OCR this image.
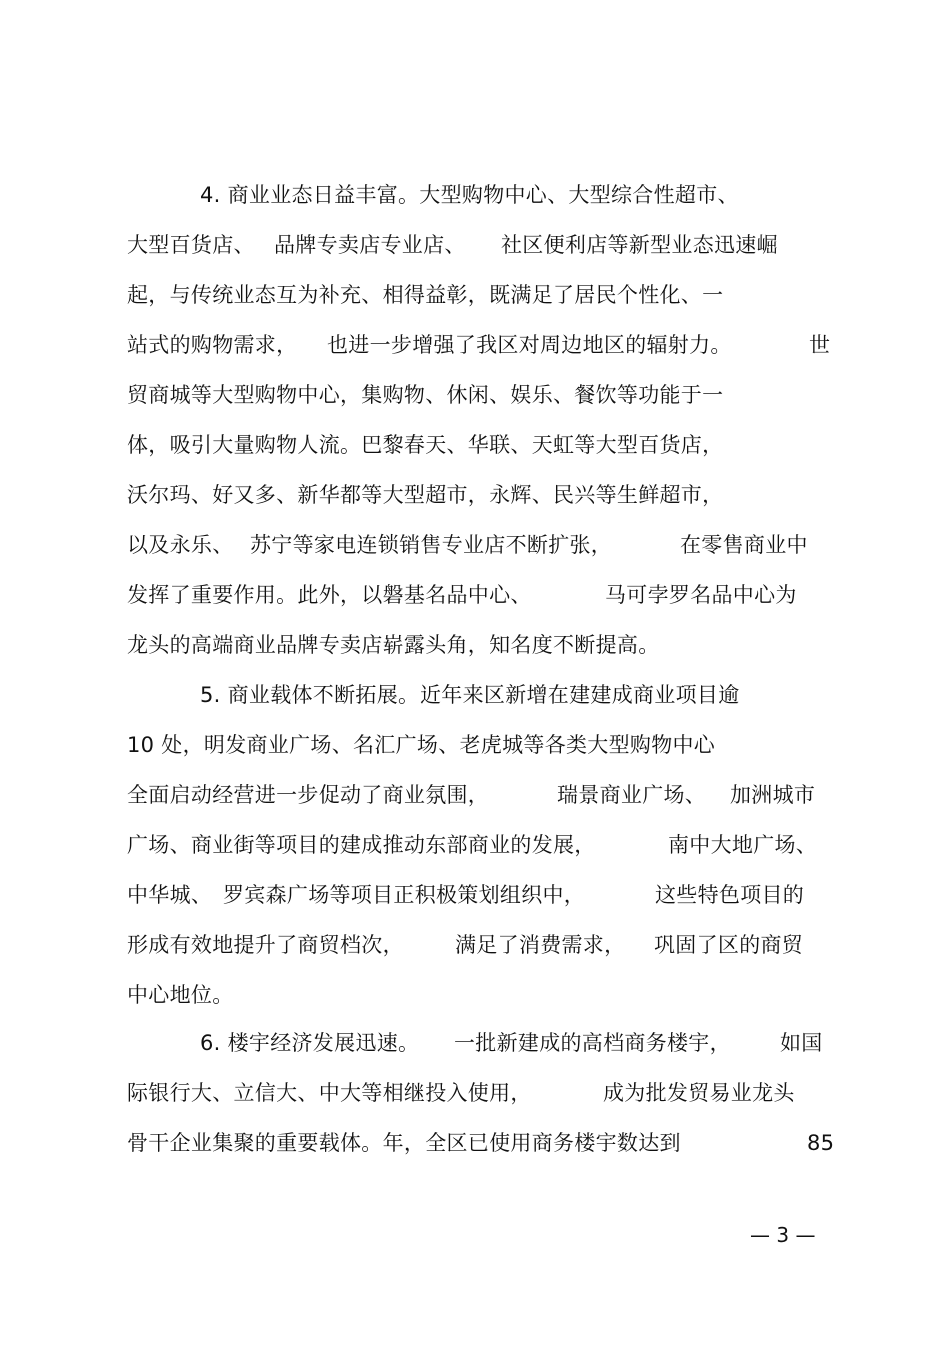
4. 商业业态日益丰富。大型购物中心、大型综合性超市、
大型百货店、 品牌专卖店专业店、 社区便利店等新型业态迅速崛
起，与传统业态互为补充、相得益彰，既满足了居民个性化、一
站式的购物需求， 也进一步增强了我区对周边地区的辐射力。	世
贸商城等大型购物中心，集购物、休闲、娱乐、餐饮等功能于一
体，吸引大量购物人流。巴黎春天、华联、天虹等大型百货店，
沃尔玛、好又多、新华都等大型超市，永辉、民兴等生鲜超市，
以及永乐、 苏宁等家电连锁销售专业店不断扩张，	在零售商业中
发挥了重要作用。此外，以磐基名品中心、	马可孛罗名品中心为
龙头的高端商业品牌专卖店崭露头角，知名度不断提高。
5. 商业载体不断拓展。 近年来区新增在建建成商业项目逾
10 处，明发商业广场、名汇广场、老虎城等各类大型购物中心
全面启动经营进一步促动了商业氛围，	瑞景商业广场、 加洲城市
广场、商业街等项目的建成推动东部商业的发展，	南中大地广场、
中华城、 罗宾森广场等项目正积极策划组织中，	这些特色项目的
形成有效地提升了商贸档次， 满足了消费需求， 巩固了区的商贸
中心地位。
6. 楼宇经济发展迅速。 一批新建成的高档商务楼宇， 如国
际银行大、立信大、中大等相继投入使用，	成为批发贸易业龙头
骨干企业集聚的重要载体。年，全区已使用商务楼宇数达到	85
— 3 —
